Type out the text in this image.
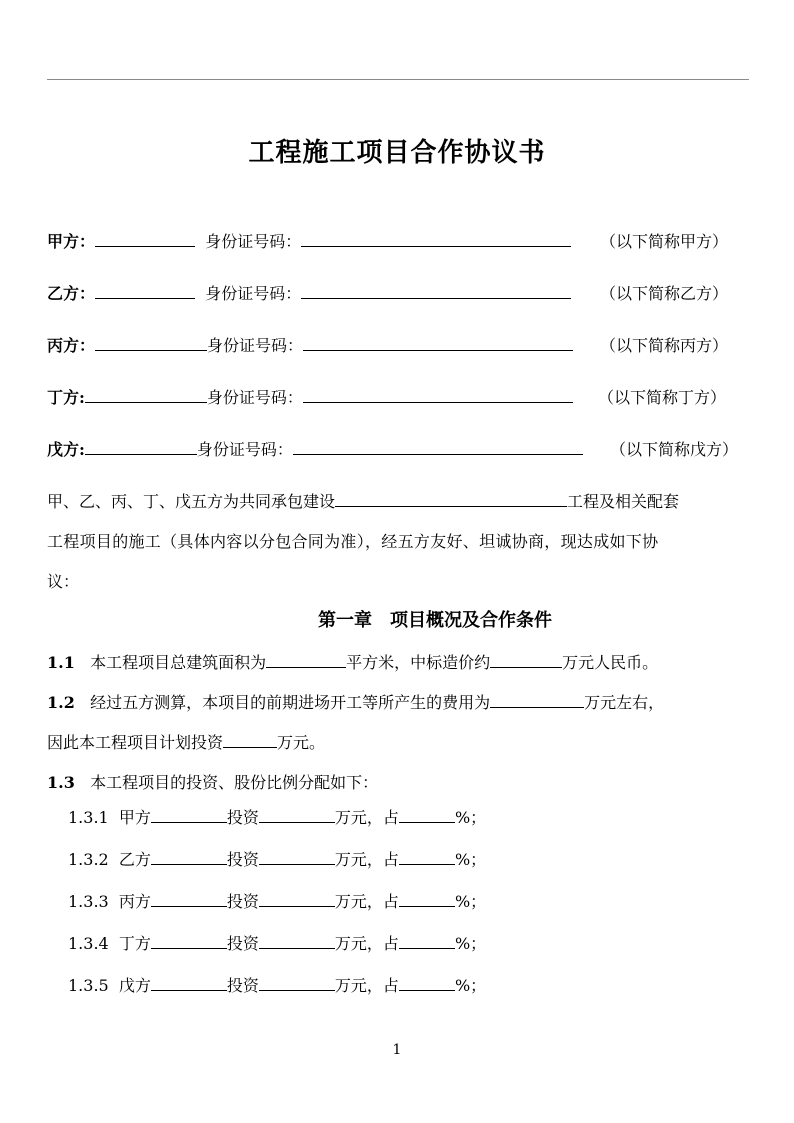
工程施工项目合作协议书
甲方：	身份证号码：	（以下简称甲方）
乙方：	身份证号码：	（以下简称乙方）
丙方：	身份证号码：	（以下简称丙方）
丁方:	身份证号码：	（以下简称丁方）
戊方:	身份证号码：	（以下简称戊方）
甲、乙、丙、丁、戊五方为共同承包建设	工程及相关配套
工程项目的施工（具体内容以分包合同为准），经五方友好、坦诚协商，现达成如下协
议：
第一章　项目概况及合作条件
1.1 本工程项目总建筑面积为	平方米，中标造价约	万元人民币。
1.2 经过五方测算，本项目的前期进场开工等所产生的费用为	万元左右，
因此本工程项目计划投资	万元。
1.3 本工程项目的投资、股份比例分配如下：
1.3.1 甲方	投资	万元，占	%；
1.3.2 乙方	投资	万元，占	%；
1.3.3 丙方	投资	万元，占	%；
1.3.4 丁方	投资	万元，占	%；
1.3.5 戊方	投资	万元，占	%；
1
